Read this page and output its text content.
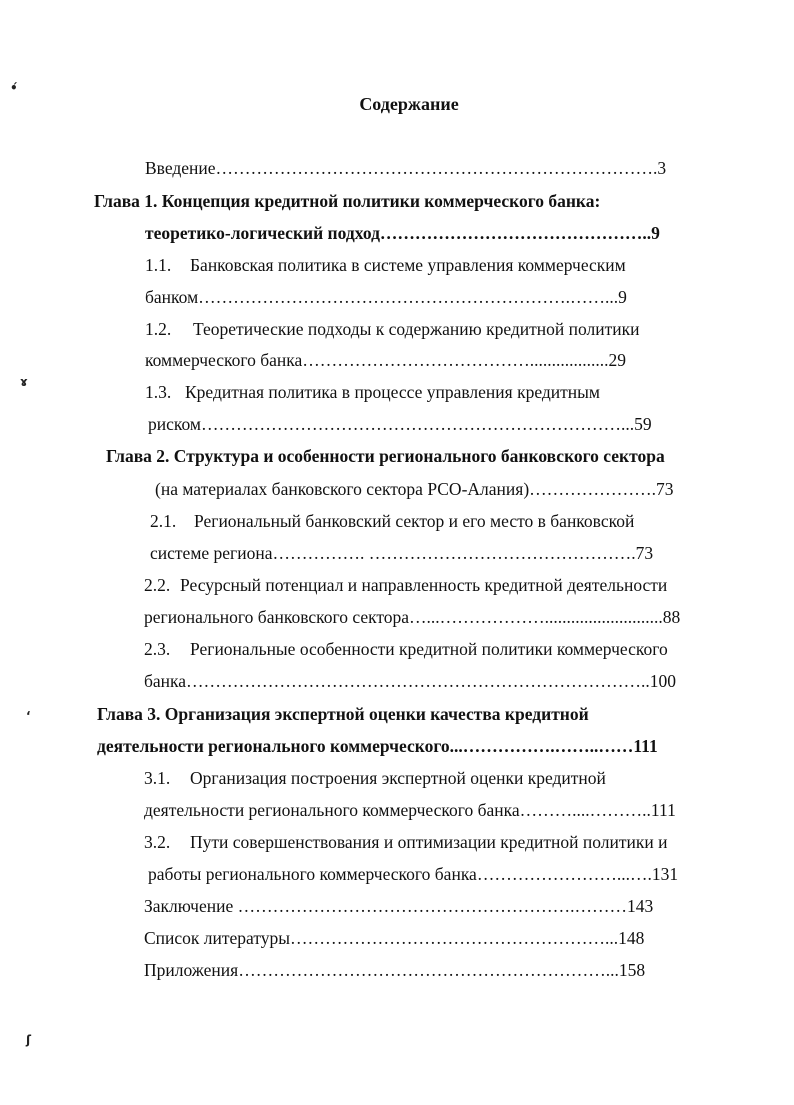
•́
ɤ
‘
ʃ
Содержание
Введение………………………………………………………………….3
Глава 1. Концепция кредитной политики коммерческого банка:
теоретико-логический подход………………………………………..9
1.1. Банковская политика в системе управления коммерческим
банком……………………………………………………….……...9
1.2. Теоретические подходы к содержанию кредитной политики
коммерческого банка…………………………………..................29
1.3. Кредитная политика в процессе управления кредитным
риском………………………………………………………………...59
Глава 2. Структура и особенности регионального банковского сектора
(на материалах банковского сектора РСО-Алания)………………….73
2.1. Региональный банковский сектор и его место в банковской
системе региона……………. ……………………………………….73
2.2. Ресурсный потенциал и направленность кредитной деятельности
регионального банковского сектора…...………………...........................88
2.3. Региональные особенности кредитной политики коммерческого
банка……………………………………………………………………..100
Глава 3. Организация экспертной оценки качества кредитной
деятельности регионального коммерческого...…………….……..……111
3.1. Организация построения экспертной оценки кредитной
деятельности регионального коммерческого банка………....………..111
3.2. Пути совершенствования и оптимизации кредитной политики и
работы регионального коммерческого банка……………………...….131
Заключение ………………………………………………….………143
Список литературы………………………………………………...148
Приложения………………………………………………………...158
